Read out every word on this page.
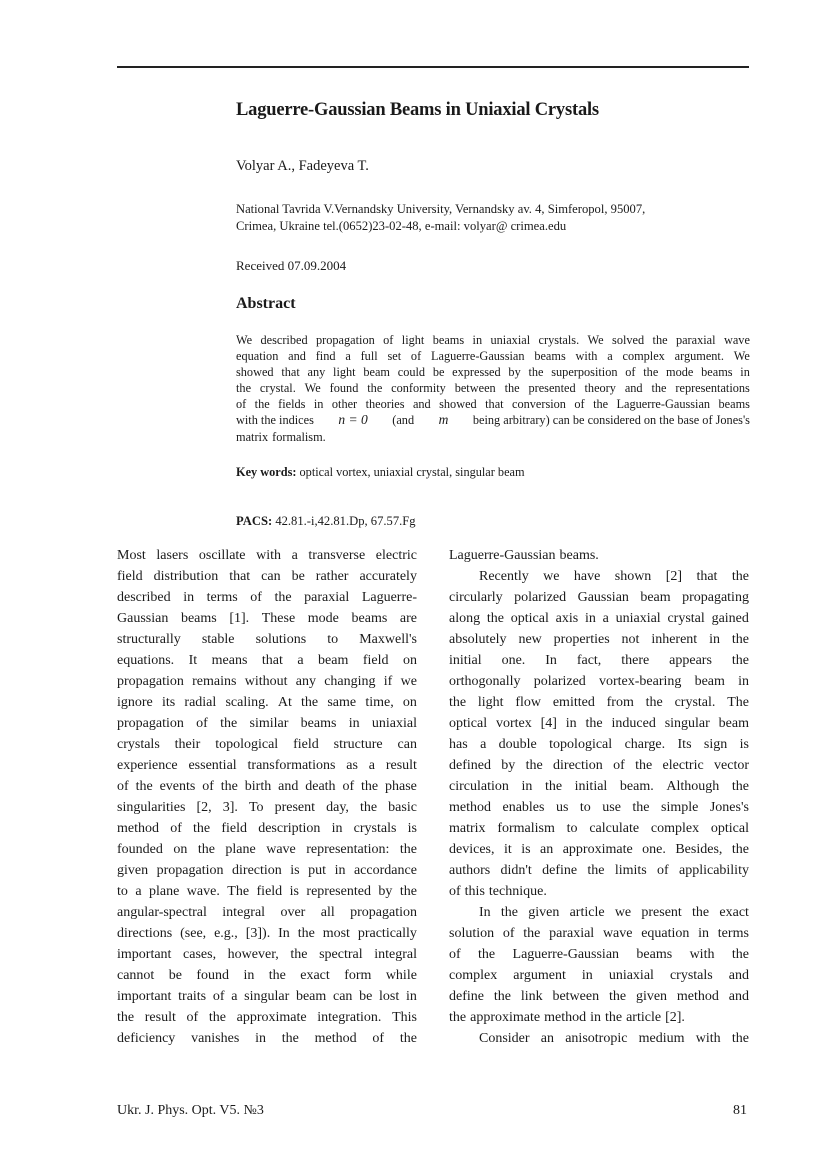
Laguerre-Gaussian Beams in Uniaxial Crystals
Volyar A., Fadeyeva T.
National Tavrida V.Vernandsky University, Vernandsky av. 4, Simferopol, 95007,
Crimea, Ukraine tel.(0652)23-02-48, e-mail: volyar@ crimea.edu
Received 07.09.2004
Abstract
We described propagation of light beams in uniaxial crystals. We solved the paraxial wave
equation and find a full set of Laguerre-Gaussian beams with a complex argument. We
showed that any light beam could be expressed by the superposition of the mode beams in
the crystal. We found the conformity between the presented theory and the representations
of the fields in other theories and showed that conversion of the Laguerre-Gaussian beams
with the indices n = 0 (and m being arbitrary) can be considered on the base of Jones's
matrix formalism.
Key words: optical vortex, uniaxial crystal, singular beam
PACS: 42.81.-i,42.81.Dp, 67.57.Fg
Most lasers oscillate with a transverse electric
field distribution that can be rather accurately
described in terms of the paraxial Laguerre-
Gaussian beams [1]. These mode beams are
structurally stable solutions to Maxwell's
equations. It means that a beam field on
propagation remains without any changing if we
ignore its radial scaling. At the same time, on
propagation of the similar beams in uniaxial
crystals their topological field structure can
experience essential transformations as a result
of the events of the birth and death of the phase
singularities [2, 3]. To present day, the basic
method of the field description in crystals is
founded on the plane wave representation: the
given propagation direction is put in accordance
to a plane wave. The field is represented by the
angular-spectral integral over all propagation
directions (see, e.g., [3]). In the most practically
important cases, however, the spectral integral
cannot be found in the exact form while
important traits of a singular beam can be lost in
the result of the approximate integration. This
deficiency vanishes in the method of the
Laguerre-Gaussian beams.
Recently we have shown [2] that the
circularly polarized Gaussian beam propagating
along the optical axis in a uniaxial crystal gained
absolutely new properties not inherent in the
initial one. In fact, there appears the
orthogonally polarized vortex-bearing beam in
the light flow emitted from the crystal. The
optical vortex [4] in the induced singular beam
has a double topological charge. Its sign is
defined by the direction of the electric vector
circulation in the initial beam. Although the
method enables us to use the simple Jones's
matrix formalism to calculate complex optical
devices, it is an approximate one. Besides, the
authors didn't define the limits of applicability
of this technique.
In the given article we present the exact
solution of the paraxial wave equation in terms
of the Laguerre-Gaussian beams with the
complex argument in uniaxial crystals and
define the link between the given method and
the approximate method in the article [2].
Consider an anisotropic medium with the
Ukr. J. Phys. Opt. V5. №3	81
